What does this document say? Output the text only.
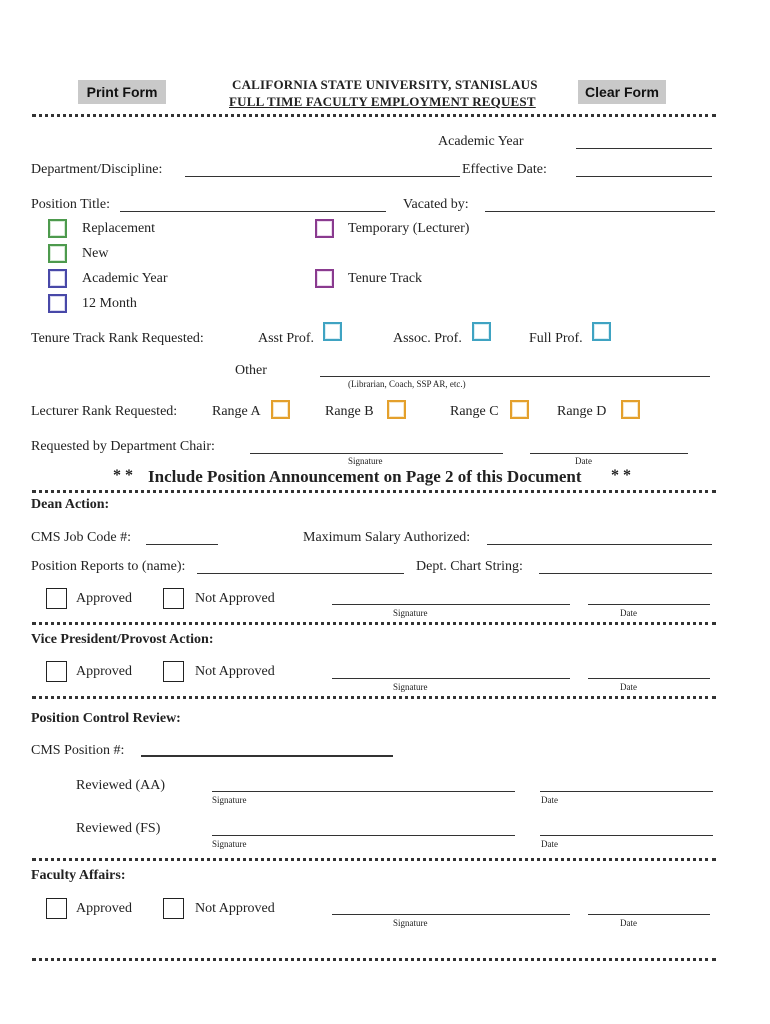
Print Form	Clear Form
CALIFORNIA STATE UNIVERSITY, STANISLAUS
FULL TIME FACULTY EMPLOYMENT REQUEST
Academic Year
Department/Discipline:	Effective Date:
Position Title:	Vacated by:
Replacement	Temporary (Lecturer)
New
Academic Year	Tenure Track
12 Month
Tenure Track Rank Requested:	Asst Prof.	Assoc. Prof.	Full Prof.
Other
(Librarian, Coach, SSP AR, etc.)
Lecturer Rank Requested: Range A	Range B	Range C	Range D
Requested by Department Chair:
Signature	Date
* * Include Position Announcement on Page 2 of this Document * *
Dean Action:
CMS Job Code #:	Maximum Salary Authorized:
Position Reports to (name):	Dept. Chart String:
Approved	Not Approved
Signature	Date
Vice President/Provost Action:
Approved	Not Approved
Signature	Date
Position Control Review:
CMS Position #:
Reviewed (AA)
Signature	Date
Reviewed (FS)
Signature	Date
Faculty Affairs:
Approved	Not Approved
Signature	Date
